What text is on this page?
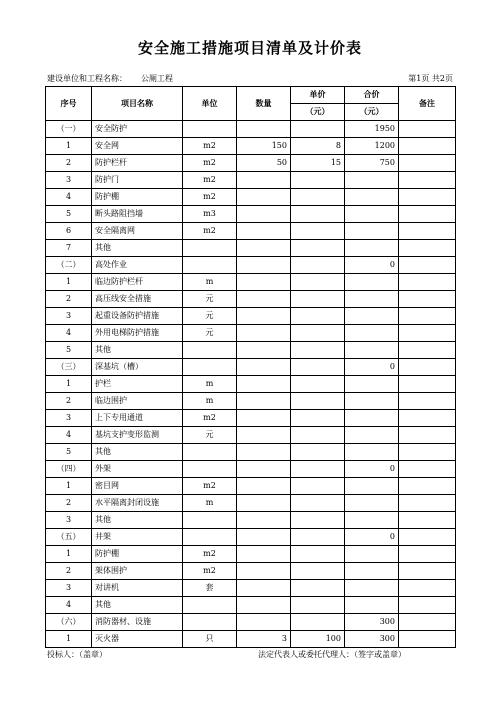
安全施工措施项目清单及计价表
建设单位和工程名称： 公厕工程	第1页 共2页
序号	项目名称	单位	数量	单价	合价	备注
				（元）	（元）	
（一）	安全防护				1950	
1	安全网	m2	150	8	1200	
2	防护栏杆	m2	50	15	750	
3	防护门	m2				
4	防护棚	m2				
5	断头路阻挡墙	m3				
6	安全隔离网	m2				
7	其他					
（二）	高处作业				0	
1	临边防护栏杆	m				
2	高压线安全措施	元				
3	起重设备防护措施	元				
4	外用电梯防护措施	元				
5	其他					
（三）	深基坑（槽）				0	
1	护栏	m				
2	临边围护	m				
3	上下专用通道	m2				
4	基坑支护变形监测	元				
5	其他					
（四）	外架				0	
1	密目网	m2				
2	水平隔离封闭设施	m				
3	其他					
（五）	井架				0	
1	防护棚	m2				
2	架体围护	m2				
3	对讲机	套				
4	其他					
（六）	消防器材、设施				300	
1	灭火器	只	3	100	300	
投标人：（盖章）	法定代表人或委托代理人：（签字或盖章）
